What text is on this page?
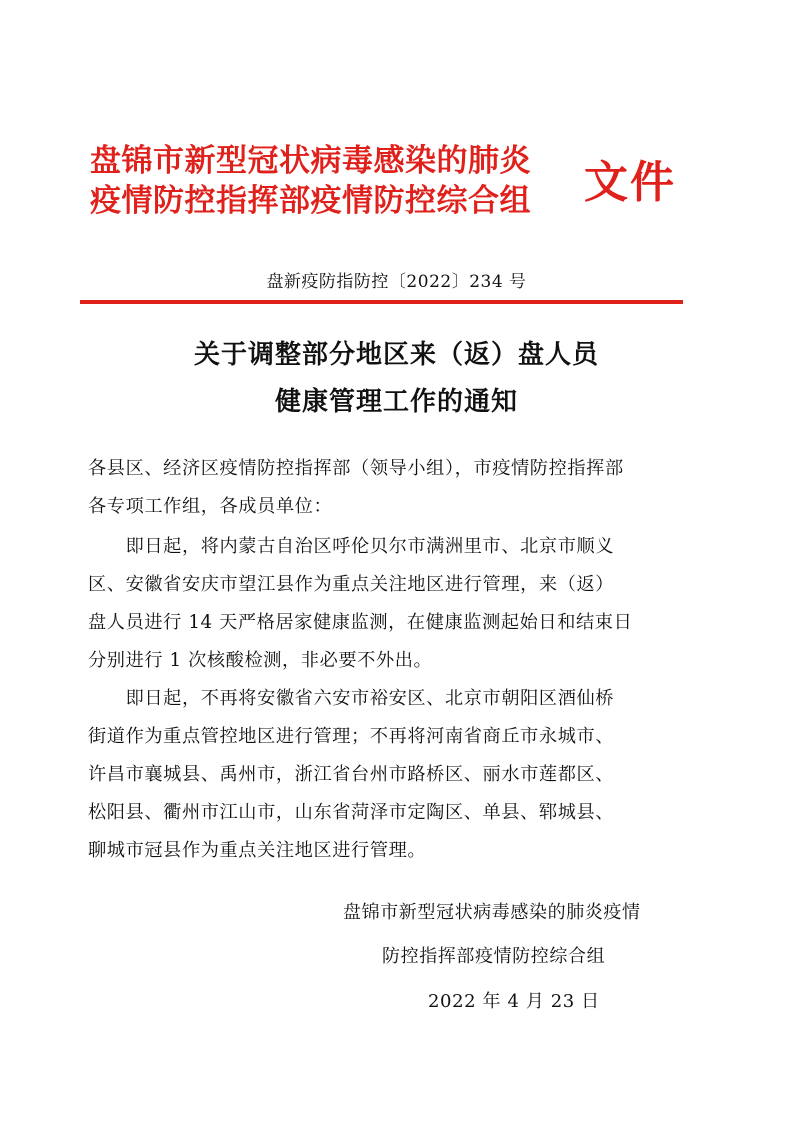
盘锦市新型冠状病毒感染的肺炎
疫情防控指挥部疫情防控综合组 文件
盘新疫防指防控〔2022〕234 号
关于调整部分地区来（返）盘人员
健康管理工作的通知
各县区、经济区疫情防控指挥部（领导小组），市疫情防控指挥部
各专项工作组，各成员单位：
　　即日起，将内蒙古自治区呼伦贝尔市满洲里市、北京市顺义
区、安徽省安庆市望江县作为重点关注地区进行管理，来（返）
盘人员进行 14 天严格居家健康监测，在健康监测起始日和结束日
分别进行 1 次核酸检测，非必要不外出。
　　即日起，不再将安徽省六安市裕安区、北京市朝阳区酒仙桥
街道作为重点管控地区进行管理；不再将河南省商丘市永城市、
许昌市襄城县、禹州市，浙江省台州市路桥区、丽水市莲都区、
松阳县、衢州市江山市，山东省菏泽市定陶区、单县、郓城县、
聊城市冠县作为重点关注地区进行管理。
盘锦市新型冠状病毒感染的肺炎疫情
防控指挥部疫情防控综合组
2022 年 4 月 23 日
